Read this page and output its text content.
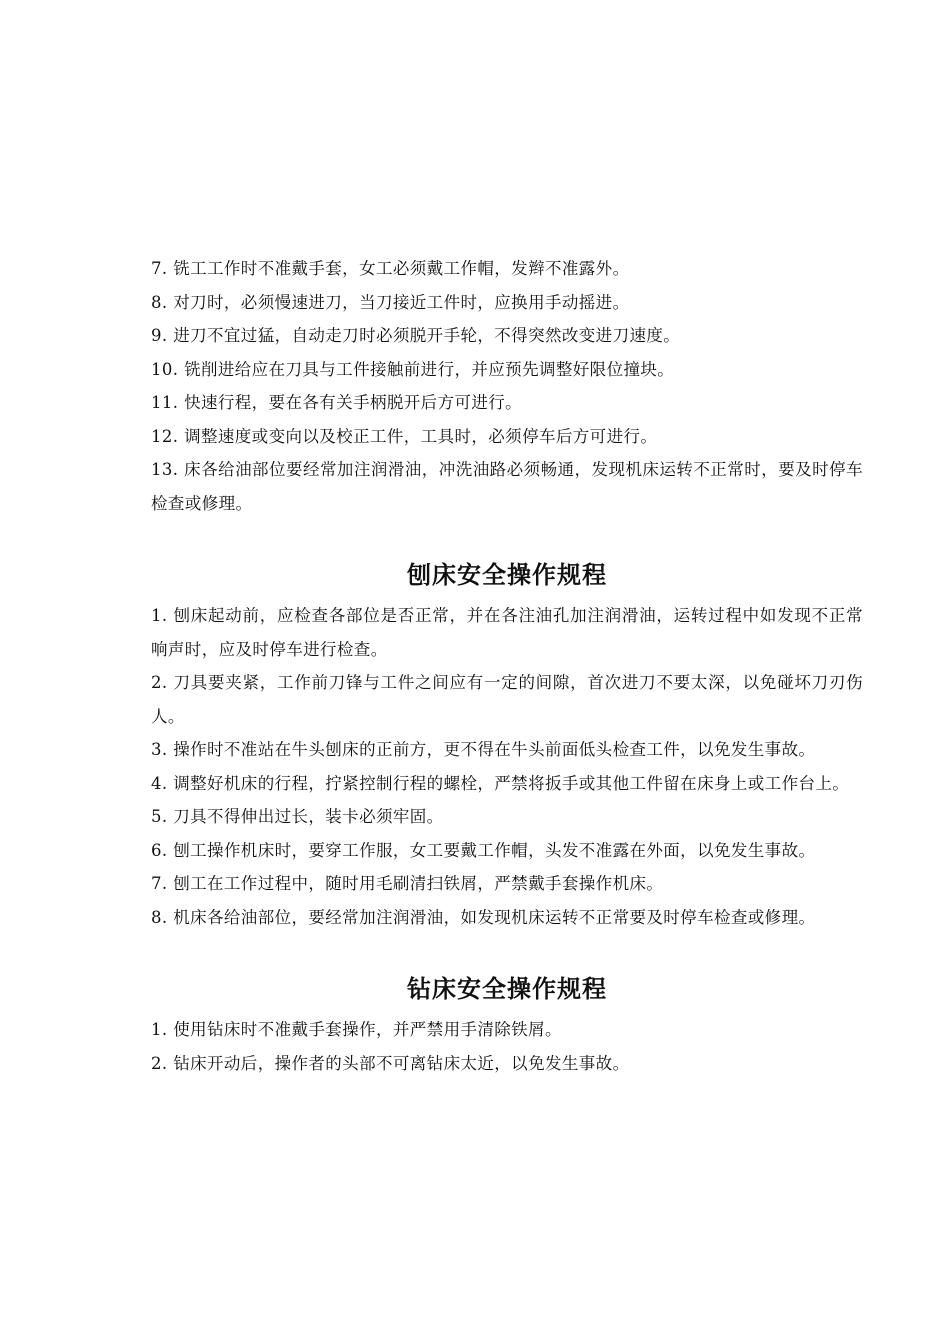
7. 铣工工作时不准戴手套，女工必须戴工作帽，发辫不准露外。

8. 对刀时，必须慢速进刀，当刀接近工件时，应换用手动摇进。

9. 进刀不宜过猛，自动走刀时必须脱开手轮，不得突然改变进刀速度。

10. 铣削进给应在刀具与工件接触前进行，并应预先调整好限位撞块。

11. 快速行程，要在各有关手柄脱开后方可进行。

12. 调整速度或变向以及校正工件，工具时，必须停车后方可进行。

13. 床各给油部位要经常加注润滑油，冲洗油路必须畅通，发现机床运转不正常时，要及时停车检查或修理。

刨床安全操作规程

1. 刨床起动前，应检查各部位是否正常，并在各注油孔加注润滑油，运转过程中如发现不正常响声时，应及时停车进行检查。

2. 刀具要夹紧，工作前刀锋与工件之间应有一定的间隙，首次进刀不要太深，以免碰坏刀刃伤人。

3. 操作时不准站在牛头刨床的正前方，更不得在牛头前面低头检查工件，以免发生事故。

4. 调整好机床的行程，拧紧控制行程的螺栓，严禁将扳手或其他工件留在床身上或工作台上。

5. 刀具不得伸出过长，装卡必须牢固。

6. 刨工操作机床时，要穿工作服，女工要戴工作帽，头发不准露在外面，以免发生事故。

7. 刨工在工作过程中，随时用毛刷清扫铁屑，严禁戴手套操作机床。

8. 机床各给油部位，要经常加注润滑油，如发现机床运转不正常要及时停车检查或修理。

钻床安全操作规程

1. 使用钻床时不准戴手套操作，并严禁用手清除铁屑。

2. 钻床开动后，操作者的头部不可离钻床太近，以免发生事故。
